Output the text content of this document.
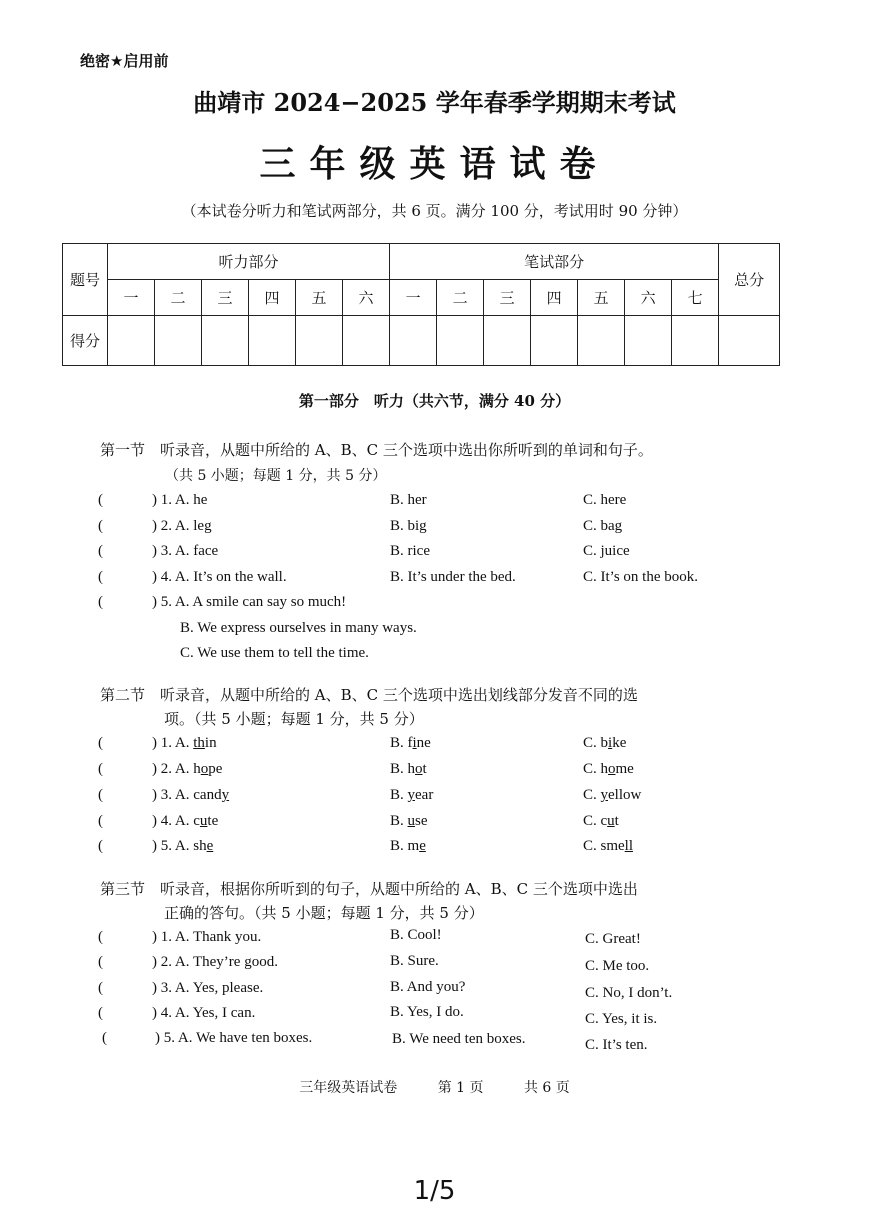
绝密★启用前
曲靖市 2024−2025 学年春季学期期末考试
三年级英语试卷
（本试卷分听力和笔试两部分，共 6 页。满分 100 分，考试用时 90 分钟）
题号	听力部分						笔试部分							总分
	一	二	三	四	五	六	一	二	三	四	五	六	七	
得分														
第一部分　听力（共六节，满分 40 分）
第一节　听录音，从题中所给的 A、B、C 三个选项中选出你所听到的单词和句子。
（共 5 小题；每题 1 分，共 5 分）
(	) 1. A. he	B. her	C. here
(	) 2. A. leg	B. big	C. bag
(	) 3. A. face	B. rice	C. juice
(	) 4. A. It’s on the wall.	B. It’s under the bed.	C. It’s on the book.
(	) 5. A. A smile can say so much!
B. We express ourselves in many ways.
C. We use them to tell the time.
第二节　听录音，从题中所给的 A、B、C 三个选项中选出划线部分发音不同的选
项。（共 5 小题；每题 1 分，共 5 分）
(	) 1. A. thin	B. fine	C. bike
(	) 2. A. hope	B. hot	C. home
(	) 3. A. candy	B. year	C. yellow
(	) 4. A. cute	B. use	C. cut
(	) 5. A. she	B. me	C. smell
第三节　听录音，根据你所听到的句子，从题中所给的 A、B、C 三个选项中选出
正确的答句。（共 5 小题；每题 1 分，共 5 分）
(	) 1. A. Thank you.	B. Cool!	C. Great!
(	) 2. A. They’re good.	B. Sure.	C. Me too.
(	) 3. A. Yes, please.	B. And you?	C. No, I don’t.
(	) 4. A. Yes, I can.	B. Yes, I do.	C. Yes, it is.
(	) 5. A. We have ten boxes.	B. We need ten boxes.	C. It’s ten.
三年级英语试卷	第 1 页	共 6 页
1/5
